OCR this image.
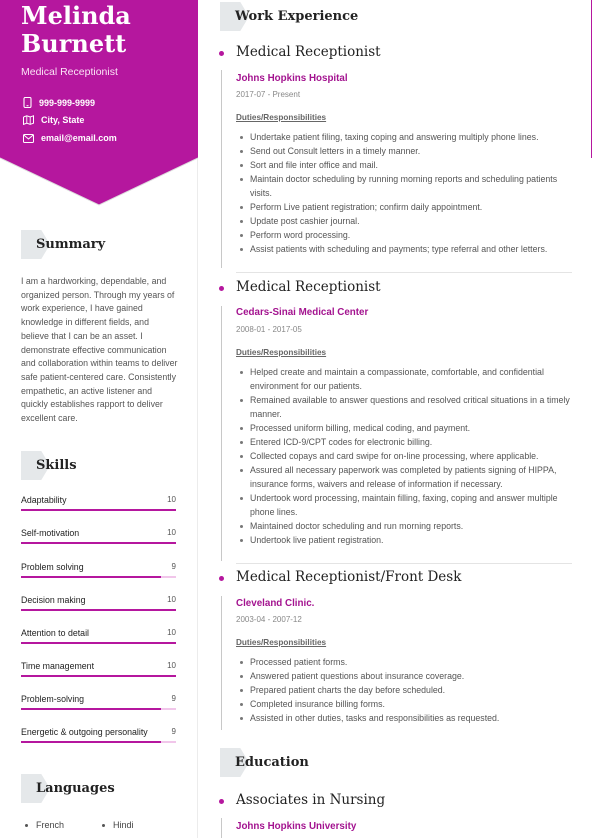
Melinda
Burnett
Medical Receptionist
999-999-9999
City, State
email@email.com
Summary
I am a hardworking, dependable, and organized person. Through my years of work experience, I have gained knowledge in different fields, and believe that I can be an asset. I demonstrate effective communication and collaboration within teams to deliver safe patient-centered care. Consistently empathetic, an active listener and quickly establishes rapport to deliver excellent care.
Skills
Adaptability	10
Self-motivation	10
Problem solving	9
Decision making	10
Attention to detail	10
Time management	10
Problem-solving	9
Energetic & outgoing personality	9
Languages
French	Hindi
Work Experience
Medical Receptionist
Johns Hopkins Hospital
2017-07 - Present
Duties/Responsibilities
Undertake patient filing, taxing coping and answering multiply phone lines.
Send out Consult letters in a timely manner.
Sort and file inter office and mail.
Maintain doctor scheduling by running morning reports and scheduling patients visits.
Perform Live patient registration; confirm daily appointment.
Update post cashier journal.
Perform word processing.
Assist patients with scheduling and payments; type referral and other letters.
Medical Receptionist
Cedars-Sinai Medical Center
2008-01 - 2017-05
Duties/Responsibilities
Helped create and maintain a compassionate, comfortable, and confidential environment for our patients.
Remained available to answer questions and resolved critical situations in a timely manner.
Processed uniform billing, medical coding, and payment.
Entered ICD-9/CPT codes for electronic billing.
Collected copays and card swipe for on-line processing, where applicable.
Assured all necessary paperwork was completed by patients signing of HIPPA, insurance forms, waivers and release of information if necessary.
Undertook word processing, maintain filling, faxing, coping and answer multiple phone lines.
Maintained doctor scheduling and run morning reports.
Undertook live patient registration.
Medical Receptionist/Front Desk
Cleveland Clinic.
2003-04 - 2007-12
Duties/Responsibilities
Processed patient forms.
Answered patient questions about insurance coverage.
Prepared patient charts the day before scheduled.
Completed insurance billing forms.
Assisted in other duties, tasks and responsibilities as requested.
Education
Associates in Nursing
Johns Hopkins University
